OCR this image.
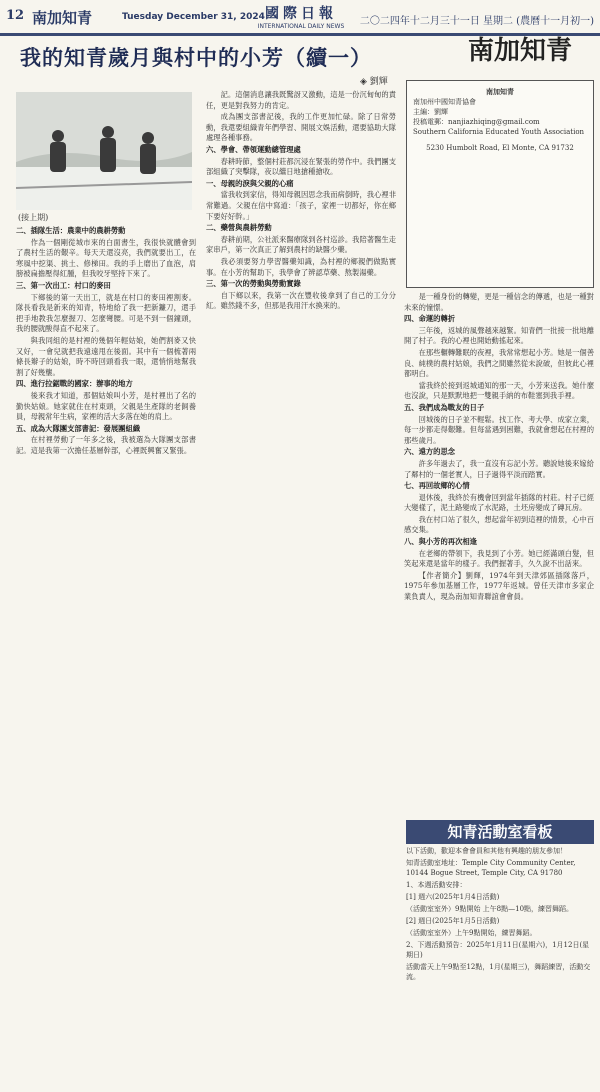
12 南加知青	Tuesday December 31, 2024 國際日報
INTERNATIONAL DAILY NEWS 二〇二四年十二月三十一日 星期二 (農曆十一月初一)
我的知青歲月與村中的小芳（續一）
◈ 劉輝
南加知青
(接上期)

二、插隊生活：農業中的農耕勞動

作為一個剛從城市來的白面書生，我很快就體會到了農村生活的艱辛。每天天還沒亮，我們就要出工，在寒風中挖渠、挑土、修梯田。我的手上磨出了血泡，肩膀被扁擔壓得紅腫，但我咬牙堅持下來了。

三、第一次出工：村口的麥田

下鄉後的第一天出工，就是在村口的麥田裡割麥。隊長看我是新來的知青，特地給了我一把新鐮刀，還手把手地教我怎麼握刀、怎麼彎腰。可是不到一個鐘頭，我的腰就酸得直不起來了。

與我同組的是村裡的幾個年輕姑娘，她們割麥又快又好，一會兒就把我遠遠甩在後面。其中有一個梳著兩條長辮子的姑娘，時不時回頭看我一眼，還悄悄地幫我割了好幾壟。

四、進行拉鋸戰的國家：辦事的地方

後來我才知道，那個姑娘叫小芳，是村裡出了名的勤快姑娘。她家就住在村東頭，父親是生產隊的老飼養員，母親常年生病，家裡的活大多落在她的肩上。

五、成為大隊團支部書記：發展團組織

在村裡勞動了一年多之後，我被選為大隊團支部書記。這是我第一次擔任基層幹部，心裡既興奮又緊張。

記。這個消息讓我既驚訝又激動，這是一份沉甸甸的責任，更是對我努力的肯定。

成為團支部書記後，我的工作更加忙碌。除了日常勞動，我還要組織青年們學習、開展文娛活動，還要協助大隊處理各種事務。

六、學會、帶領運動總管理處

春耕時節，整個村莊都沉浸在緊張的勞作中。我們團支部組織了突擊隊，夜以繼日地搶種搶收。

一、母親的淚與父親的心痛

當我收到家信，得知母親因思念我而病倒時，我心裡非常難過。父親在信中寫道：「孩子，家裡一切都好，你在鄉下要好好幹。」

二、藥營與農耕勞動

春耕前期，公社派來醫療隊到各村巡診。我陪著醫生走家串戶，第一次真正了解到農村的缺醫少藥。

我必須要努力學習醫藥知識，為村裡的鄉親們做點實事。在小芳的幫助下，我學會了辨認草藥、熬製湯藥。

三、第一次的勞動與勞動實錄

自下鄉以來，我第一次在豐收後拿到了自己的工分分紅。雖然錢不多，但那是我用汗水換來的。

是一種身份的轉變，更是一種信念的傳遞，也是一種對未來的憧憬。

四、命運的轉折

三年後，返城的風聲越來越緊。知青們一批接一批地離開了村子。我的心裡也開始動搖起來。

在那些輾轉難眠的夜裡，我常常想起小芳。她是一個善良、純樸的農村姑娘，我們之間雖然從未說破，但彼此心裡都明白。

當我終於接到返城通知的那一天，小芳來送我。她什麼也沒說，只是默默地把一雙親手納的布鞋塞到我手裡。

五、我們成為戰友的日子

回城後的日子並不輕鬆。找工作、考大學、成家立業，每一步都走得艱難。但每當遇到困難，我就會想起在村裡的那些歲月。

六、遠方的思念

許多年過去了，我一直沒有忘記小芳。聽說她後來嫁給了鄰村的一個老實人，日子過得平淡而踏實。

七、再回故鄉的心情

退休後，我終於有機會回到當年插隊的村莊。村子已經大變樣了，泥土路變成了水泥路，土坯房變成了磚瓦房。

我在村口站了很久，想起當年初到這裡的情景，心中百感交集。

八、與小芳的再次相逢

在老鄉的帶領下，我見到了小芳。她已經滿頭白髮，但笑起來還是當年的樣子。我們握著手，久久說不出話來。

【作者簡介】劉輝，1974年到天津郊區插隊落戶，1975年參加基層工作，1977年返城。曾任天津市多家企業負責人，現為南加知青聯誼會會員。

南加知青
南加州中國知青協會
主編：劉輝
投稿電郵：nanjiazhiqing@gmail.com
Southern California Educated Youth Association
5230 Humbolt Road, El Monte, CA 91732
知青活動室看板

以下活動，歡迎本會會員和其他有興趣的朋友參加！

知青活動室地址：Temple City Community Center, 10144 Bogue Street, Temple City, CA 91780

1、本週活動安排：

[1] 週六(2025年1月4日活動)

（活動室室外）9點開始 上午8點—10點，練習舞蹈。

[2] 週日(2025年1月5日活動)

（活動室室外）上午9點開始，練習舞蹈。

2、下週活動預告：2025年1月11日(星期六)，1月12日(星期日)

活動當天上午9點至12點，1月(星期三)，舞蹈練習，活動交流。
